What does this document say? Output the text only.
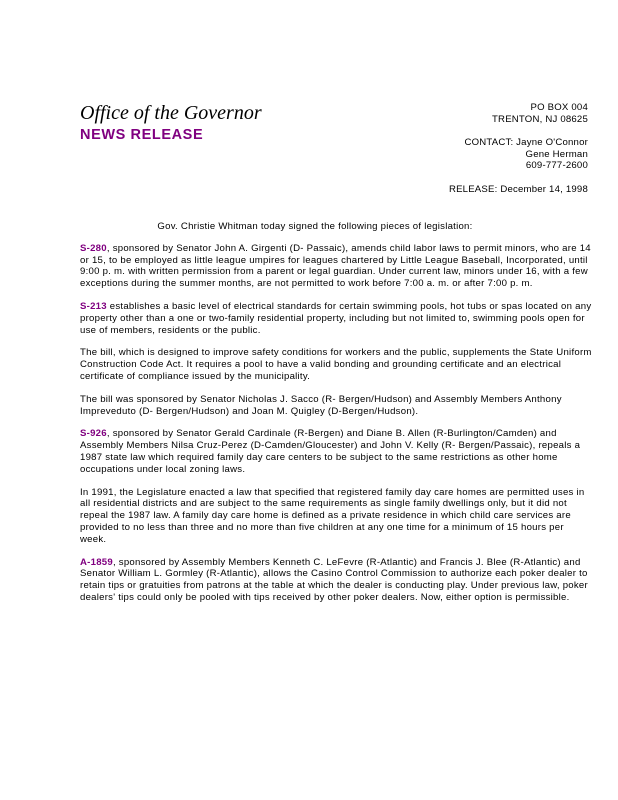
Office of the Governor
NEWS RELEASE
PO BOX 004
TRENTON, NJ 08625
CONTACT: Jayne O'Connor
Gene Herman
609-777-2600
RELEASE: December 14, 1998

Gov. Christie Whitman today signed the following pieces of legislation:

S-280, sponsored by Senator John A. Girgenti (D- Passaic), amends child labor laws to permit minors, who are 14 or 15, to be employed as little league umpires for leagues chartered by Little League Baseball, Incorporated, until 9:00 p. m. with written permission from a parent or legal guardian. Under current law, minors under 16, with a few exceptions during the summer months, are not permitted to work before 7:00 a. m. or after 7:00 p. m.

S-213 establishes a basic level of electrical standards for certain swimming pools, hot tubs or spas located on any property other than a one or two-family residential property, including but not limited to, swimming pools open for use of members, residents or the public.

The bill, which is designed to improve safety conditions for workers and the public, supplements the State Uniform Construction Code Act. It requires a pool to have a valid bonding and grounding certificate and an electrical certificate of compliance issued by the municipality.

The bill was sponsored by Senator Nicholas J. Sacco (R- Bergen/Hudson) and Assembly Members Anthony Impreveduto (D- Bergen/Hudson) and Joan M. Quigley (D-Bergen/Hudson).

S-926, sponsored by Senator Gerald Cardinale (R-Bergen) and Diane B. Allen (R-Burlington/Camden) and Assembly Members Nilsa Cruz-Perez (D-Camden/Gloucester) and John V. Kelly (R- Bergen/Passaic), repeals a 1987 state law which required family day care centers to be subject to the same restrictions as other home occupations under local zoning laws.

In 1991, the Legislature enacted a law that specified that registered family day care homes are permitted uses in all residential districts and are subject to the same requirements as single family dwellings only, but it did not repeal the 1987 law. A family day care home is defined as a private residence in which child care services are provided to no less than three and no more than five children at any one time for a minimum of 15 hours per week.

A-1859, sponsored by Assembly Members Kenneth C. LeFevre (R-Atlantic) and Francis J. Blee (R-Atlantic) and Senator William L. Gormley (R-Atlantic), allows the Casino Control Commission to authorize each poker dealer to retain tips or gratuities from patrons at the table at which the dealer is conducting play. Under previous law, poker dealers' tips could only be pooled with tips received by other poker dealers. Now, either option is permissible.
